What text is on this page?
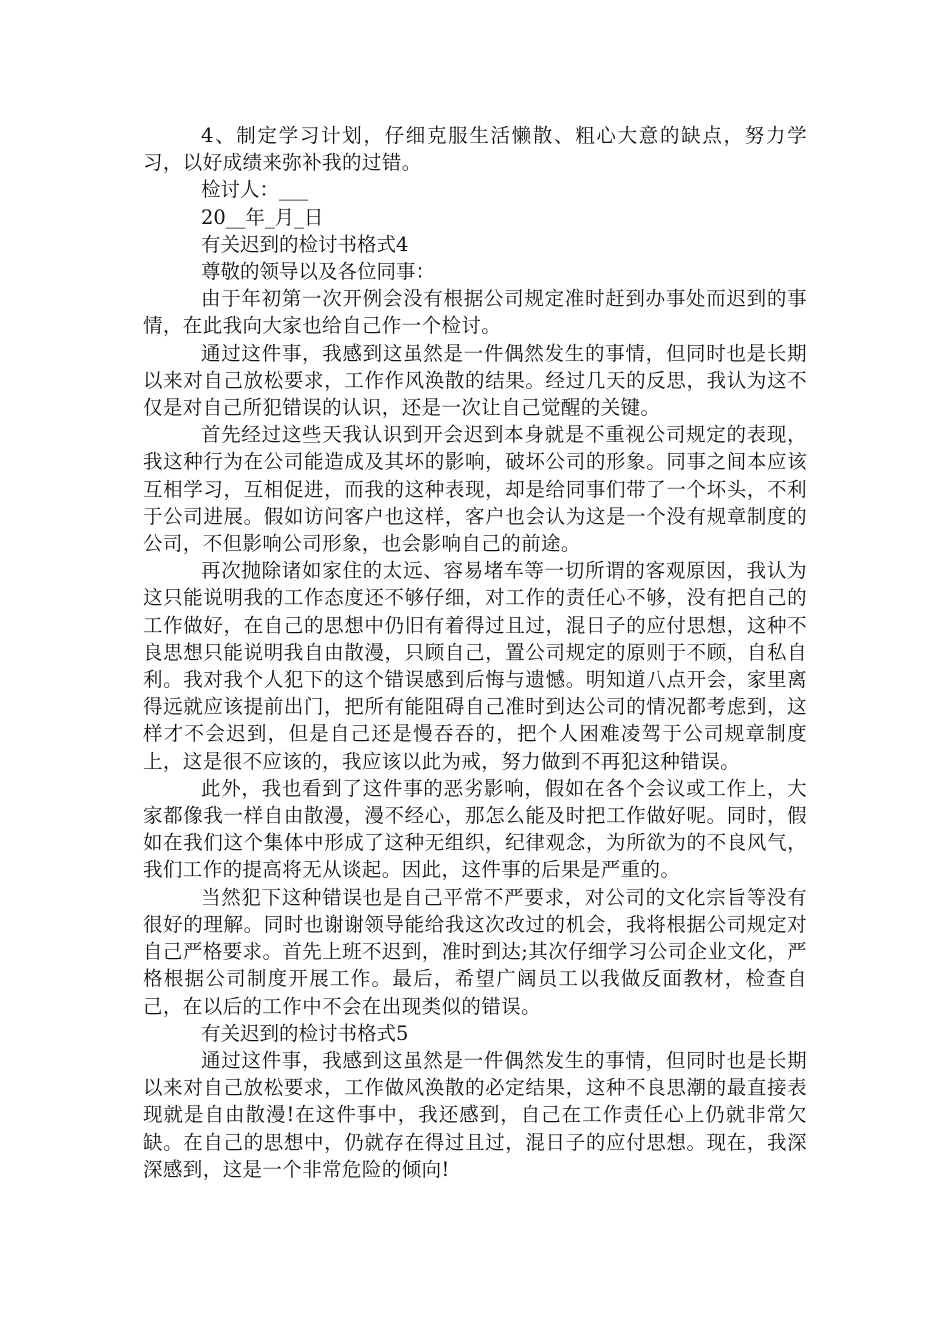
4、制定学习计划，仔细克服生活懒散、粗心大意的缺点，努力学习，以好成绩来弥补我的过错。

检讨人：___

20__年_月_日

有关迟到的检讨书格式4

尊敬的领导以及各位同事：

由于年初第一次开例会没有根据公司规定准时赶到办事处而迟到的事情，在此我向大家也给自己作一个检讨。

通过这件事，我感到这虽然是一件偶然发生的事情，但同时也是长期以来对自己放松要求，工作作风涣散的结果。经过几天的反思，我认为这不仅是对自己所犯错误的认识，还是一次让自己觉醒的关键。

首先经过这些天我认识到开会迟到本身就是不重视公司规定的表现，我这种行为在公司能造成及其坏的影响，破坏公司的形象。同事之间本应该互相学习，互相促进，而我的这种表现，却是给同事们带了一个坏头，不利于公司进展。假如访问客户也这样，客户也会认为这是一个没有规章制度的公司，不但影响公司形象，也会影响自己的前途。

再次抛除诸如家住的太远、容易堵车等一切所谓的客观原因，我认为这只能说明我的工作态度还不够仔细，对工作的责任心不够，没有把自己的工作做好，在自己的思想中仍旧有着得过且过，混日子的应付思想，这种不良思想只能说明我自由散漫，只顾自己，置公司规定的原则于不顾，自私自利。我对我个人犯下的这个错误感到后悔与遗憾。明知道八点开会，家里离得远就应该提前出门，把所有能阻碍自己准时到达公司的情况都考虑到，这样才不会迟到，但是自己还是慢吞吞的，把个人困难凌驾于公司规章制度上，这是很不应该的，我应该以此为戒，努力做到不再犯这种错误。

此外，我也看到了这件事的恶劣影响，假如在各个会议或工作上，大家都像我一样自由散漫，漫不经心，那怎么能及时把工作做好呢。同时，假如在我们这个集体中形成了这种无组织，纪律观念，为所欲为的不良风气，我们工作的提高将无从谈起。因此，这件事的后果是严重的。

当然犯下这种错误也是自己平常不严要求，对公司的文化宗旨等没有很好的理解。同时也谢谢领导能给我这次改过的机会，我将根据公司规定对自己严格要求。首先上班不迟到，准时到达;其次仔细学习公司企业文化，严格根据公司制度开展工作。最后，希望广阔员工以我做反面教材，检查自己，在以后的工作中不会在出现类似的错误。

有关迟到的检讨书格式5

通过这件事，我感到这虽然是一件偶然发生的事情，但同时也是长期以来对自己放松要求，工作做风涣散的必定结果，这种不良思潮的最直接表现就是自由散漫!在这件事中，我还感到，自己在工作责任心上仍就非常欠缺。在自己的思想中，仍就存在得过且过，混日子的应付思想。现在，我深深感到，这是一个非常危险的倾向!
